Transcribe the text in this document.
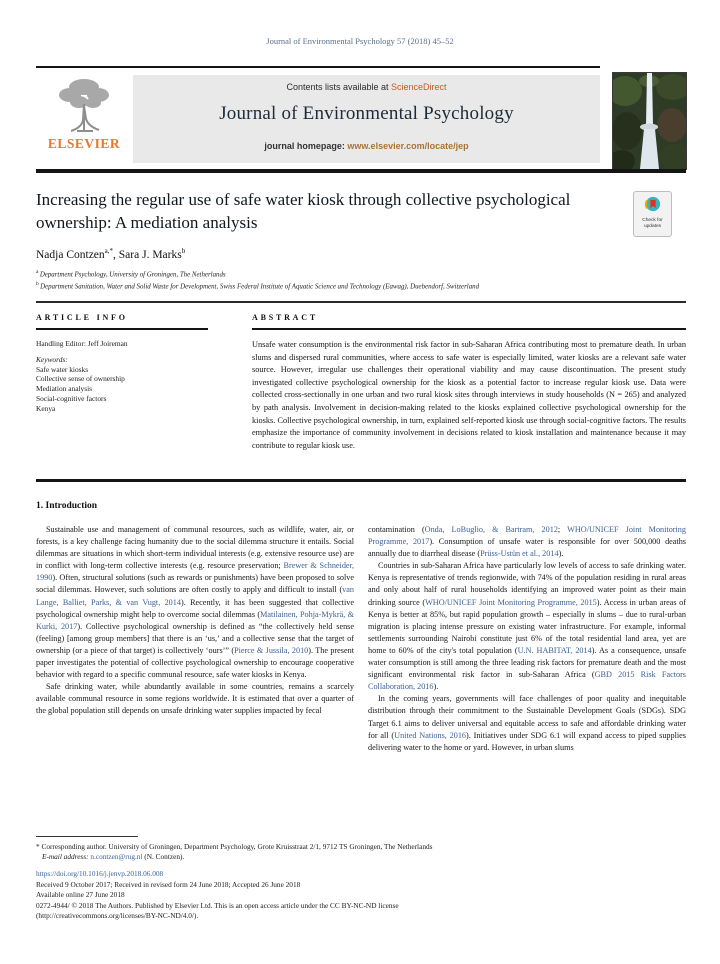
Journal of Environmental Psychology 57 (2018) 45–52
ELSEVIER
Contents lists available at ScienceDirect
Journal of Environmental Psychology
journal homepage: www.elsevier.com/locate/jep
Increasing the regular use of safe water kiosk through collective psychological ownership: A mediation analysis	Check for updates
Nadja Contzen$^{a,*}$, Sara J. Marks$^b$
$^a$ Department Psychology, University of Groningen, The Netherlands
$^b$ Department Sanitation, Water and Solid Waste for Development, Swiss Federal Institute of Aquatic Science and Technology (Eawag), Duebendorf, Switzerland
ARTICLE INFO
Handling Editor: Jeff Joireman
Keywords:
Safe water kiosks
Collective sense of ownership
Mediation analysis
Social-cognitive factors
Kenya
ABSTRACT
Unsafe water consumption is the environmental risk factor in sub-Saharan Africa contributing most to premature death. In urban slums and dispersed rural communities, where access to safe water is especially limited, water kiosks are a relevant safe water source. However, irregular use challenges their operational viability and may cause discontinuation. The present study investigated collective psychological ownership for the kiosk as a potential factor to increase regular kiosk use. Data were collected cross-sectionally in one urban and two rural kiosk sites through interviews in study households (N = 265) and analyzed by path analysis. Involvement in decision-making related to the kiosks explained collective psychological ownership for the kiosks. Collective psychological ownership, in turn, explained self-reported kiosk use through social-cognitive factors. The results emphasize the importance of community involvement in decisions related to kiosk installation and maintenance because it may contribute to regular kiosk use.
1. Introduction

Sustainable use and management of communal resources, such as wildlife, water, air, or forests, is a key challenge facing humanity due to the social dilemma structure it entails. Social dilemmas are situations in which short-term individual interests (e.g. extensive resource use) are in conflict with long-term collective interests (e.g. resource preservation; Brewer & Schneider, 1990). Often, structural solutions (such as rewards or punishments) have been proposed to solve social dilemmas. However, such solutions are often costly to apply and difficult to install (van Lange, Balliet, Parks, & van Vugt, 2014). Recently, it has been suggested that collective psychological ownership might help to overcome social dilemmas (Matilainen, Pohja-Mykrä, & Kurki, 2017). Collective psychological ownership is defined as “the collectively held sense (feeling) [among group members] that there is an ‘us,’ and a collective sense that the target of ownership (or a piece of that target) is collectively ‘ours’” (Pierce & Jussila, 2010). The present paper investigates the potential of collective psychological ownership to encourage cooperative behavior with regard to a specific communal resource, safe water kiosks in Kenya.

Safe drinking water, while abundantly available in some countries, remains a scarcely available communal resource in some regions worldwide. It is estimated that over a quarter of the global population still depends on unsafe drinking water supplies impacted by fecal

contamination (Onda, LoBuglio, & Bartram, 2012; WHO/UNICEF Joint Monitoring Programme, 2017). Consumption of unsafe water is responsible for over 500,000 deaths annually due to diarrheal disease (Prüss-Ustün et al., 2014).

Countries in sub-Saharan Africa have particularly low levels of access to safe drinking water. Kenya is representative of trends regionwide, with 74% of the population residing in rural areas and only about half of rural households identifying an improved water point as their main drinking source (WHO/UNICEF Joint Monitoring Programme, 2015). Access in urban areas of Kenya is better at 85%, but rapid population growth – especially in slums – due to rural-urban migration is placing intense pressure on existing water infrastructure. For example, informal settlements surrounding Nairobi constitute just 6% of the total residential land area, yet are home to 60% of the city's total population (U.N. HABITAT, 2014). As a consequence, unsafe water consumption is still among the three leading risk factors for premature death and the most significant environmental risk factor in sub-Saharan Africa (GBD 2015 Risk Factors Collaboration, 2016).

In the coming years, governments will face challenges of poor quality and inequitable distribution through their commitment to the Sustainable Development Goals (SDGs). SDG Target 6.1 aims to deliver universal and equitable access to safe and affordable drinking water for all (United Nations, 2016). Initiatives under SDG 6.1 will expand access to piped supplies delivering water to the home or yard. However, in urban slums

* Corresponding author. University of Groningen, Department Psychology, Grote Kruisstraat 2/1, 9712 TS Groningen, The Netherlands
E-mail address: n.contzen@rug.nl (N. Contzen).
https://doi.org/10.1016/j.jenvp.2018.06.008
Received 9 October 2017; Received in revised form 24 June 2018; Accepted 26 June 2018
Available online 27 June 2018
0272-4944/ © 2018 The Authors. Published by Elsevier Ltd. This is an open access article under the CC BY-NC-ND license
(http://creativecommons.org/licenses/BY-NC-ND/4.0/).
